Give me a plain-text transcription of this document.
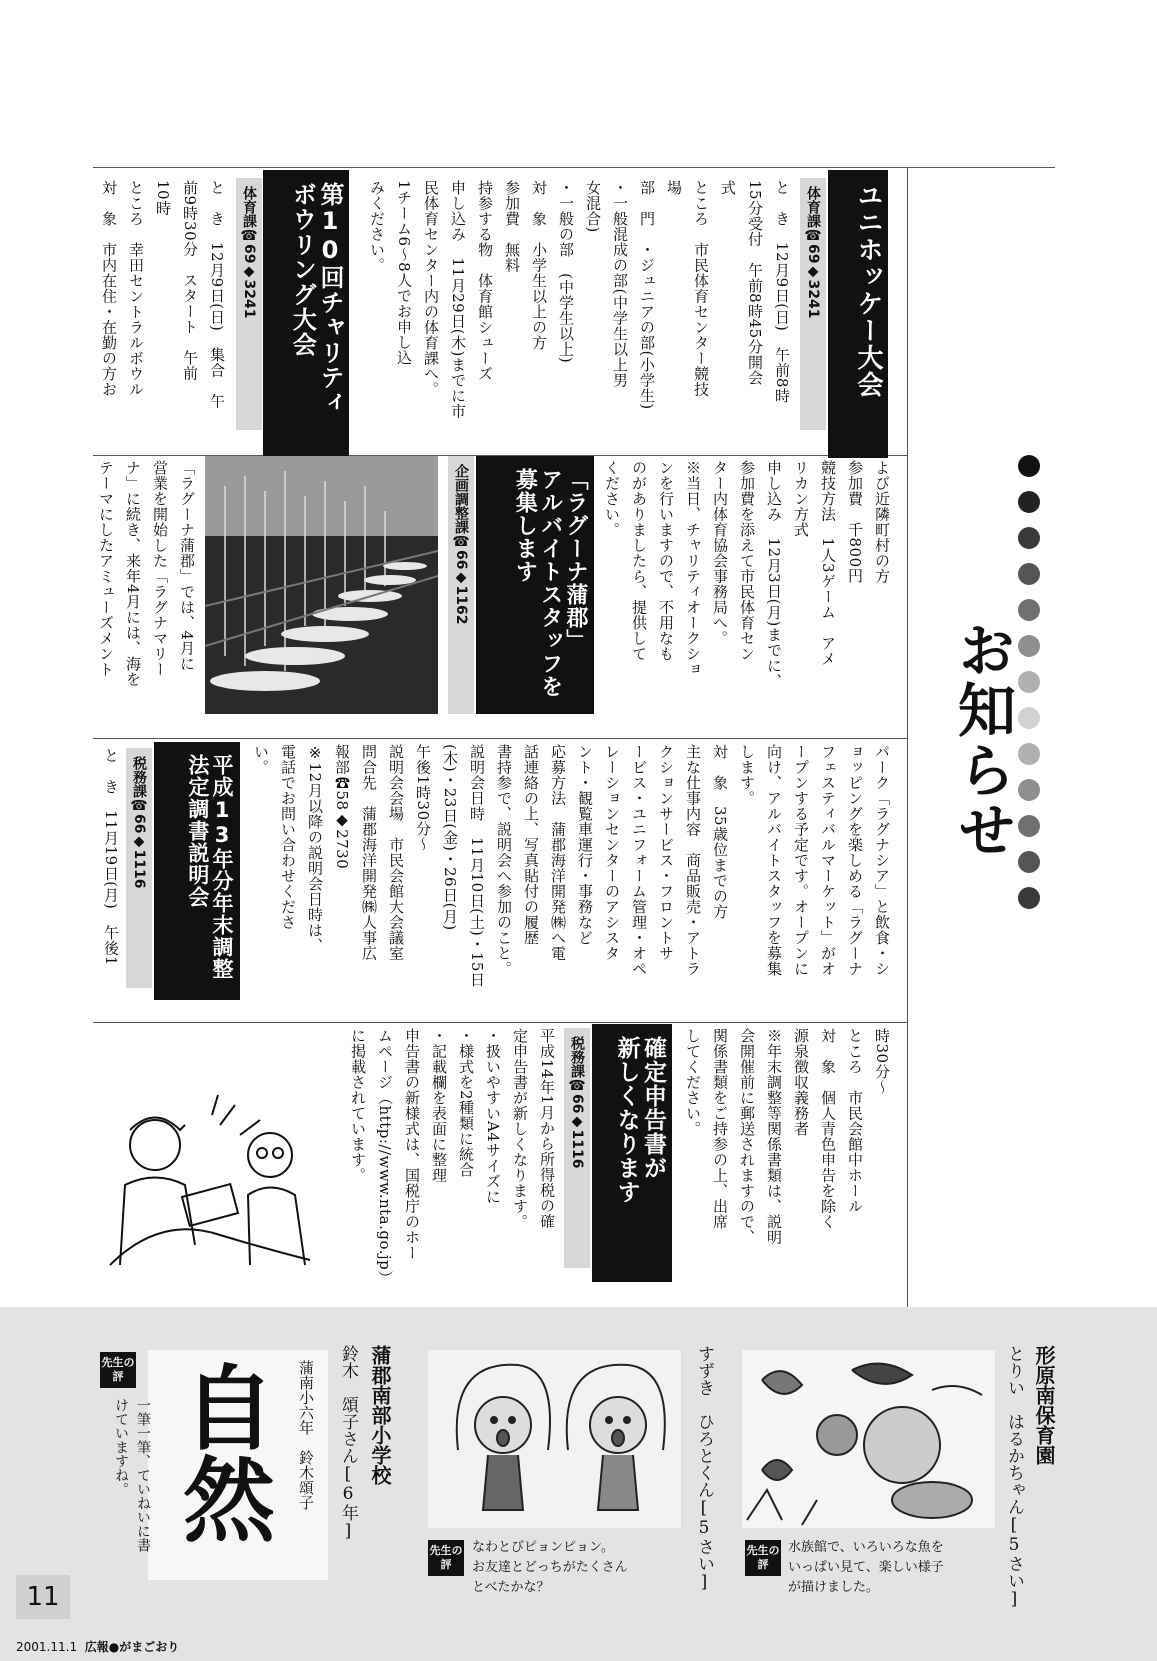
お知らせ
ユニホッケー大会
体育課☎69◆3241

と　き　12月9日(日)　午前8時

15分受付　午前8時45分開会

式

ところ　市民体育センター競技

場

部　門　・ジュニアの部(小学生)

・一般混成の部(中学生以上男

女混合)

・一般の部　(中学生以上)

対　象　小学生以上の方

参加費　無料

持参する物　体育館シューズ

申し込み　11月29日(木)までに市

民体育センター内の体育課へ。

1チーム6～8人でお申し込

みください。

第10回チャリティ
ボウリング大会
体育課☎69◆3241

と　き　12月9日(日)　集合　午

前9時30分　スタート　午前

10時

ところ　幸田セントラルボウル

対　象　市内在住・在勤の方お

よび近隣町村の方

参加費　千800円

競技方法　1人3ゲーム　アメ

リカン方式

申し込み　12月3日(月)までに、

参加費を添えて市民体育セン

ター内体育協会事務局へ。

※当日、チャリティオークショ

ンを行いますので、不用なも

のがありましたら、提供して

ください。

「ラグーナ蒲郡」
アルバイトスタッフを
募集します
企画調整課☎66◆1162

「ラグーナ蒲郡」では、4月に

営業を開始した「ラグナマリー

ナ」に続き、来年4月には、海を

テーマにしたアミューズメント

パーク「ラグナシア」と飲食・シ

ョッピングを楽しめる「ラグーナ

フェスティバルマーケット」がオ

ープンする予定です。オープンに

向け、アルバイトスタッフを募集

します。

対　象　35歳位までの方

主な仕事内容　商品販売・アトラ

クションサービス・フロントサ

ービス・ユニフォーム管理・オペ

レーションセンターのアシスタ

ント・観覧車運行・事務など

応募方法　蒲郡海洋開発㈱へ電

話連絡の上、写真貼付の履歴

書持参で、説明会へ参加のこと。

説明会日時　11月10日(土)・15日

(木)・23日(金)・26日(月)

午後1時30分～

説明会会場　市民会館大会議室

問合先　蒲郡海洋開発㈱人事広

報部☎58◆2730

※12月以降の説明会日時は、

電話でお問い合わせくださ

い。

平成13年分年末調整
法定調書説明会
税務課☎66◆1116

と　き　11月19日(月)　午後1

時30分～

ところ　市民会館中ホール

対　象　個人青色申告を除く

源泉徴収義務者

※年末調整等関係書類は、説明

会開催前に郵送されますので、

関係書類をご持参の上、出席

してください。

確定申告書が
新しくなります
税務課☎66◆1116

平成14年1月から所得税の確

定申告書が新しくなります。

・扱いやすいA4サイズに

・様式を2種類に統合

・記載欄を表面に整理

申告書の新様式は、国税庁のホー

ムページ（http://www.nta.go.jp）

に掲載されています。

形原南保育園
とりい　はるかちゃん[5さい]
先生の評
水族館で、いろいろな魚を
いっぱい見て、楽しい様子
が描けました。
すずき　ひろとくん[5さい]
先生の評
なわとびピョンピョン。
お友達とどっちがたくさん
とべたかな？
蒲郡南部小学校
鈴木　頌子さん[6年]
自然 蒲南小六年　鈴木頌子
先生の評
一筆一筆、ていねいに書
けていますね。
11
2001.11.1 広報●がまごおり
